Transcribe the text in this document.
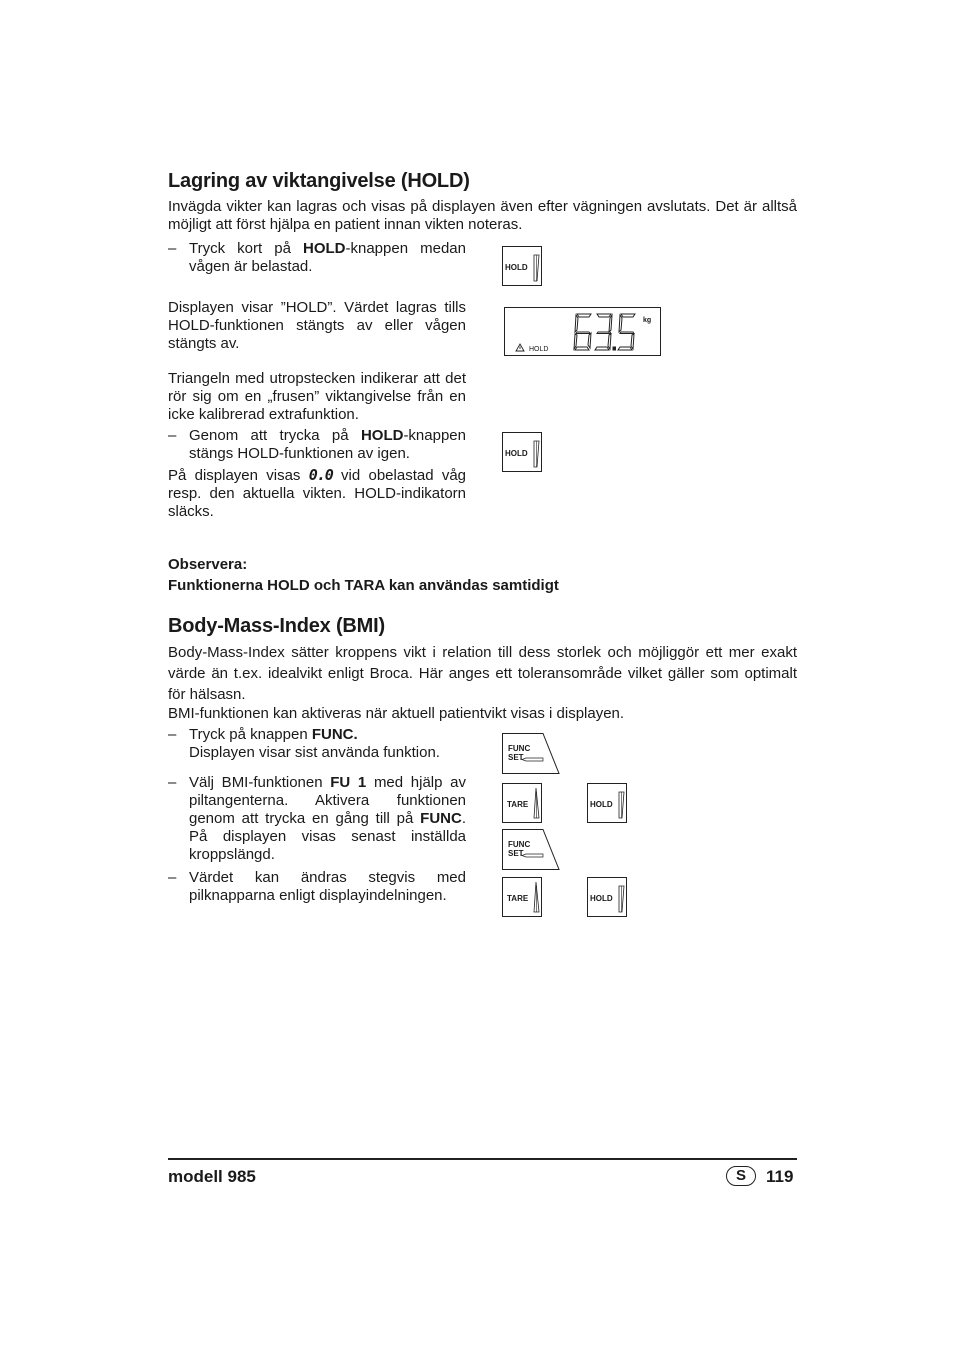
Lagring av viktangivelse (HOLD)
Invägda vikter kan lagras och visas på displayen även efter vägningen avslutats. Det är alltså möjligt att först hjälpa en patient innan vikten noteras.
– Tryck kort på HOLD-knappen medan vågen är belastad.
Displayen visar ”HOLD”. Värdet lagras tills HOLD-funktionen stängts av eller vågen stängts av.
Triangeln med utropstecken indikerar att det rör sig om en „frusen” viktangivelse från en icke kalibrerad extrafunktion.
– Genom att trycka på HOLD-knappen stängs HOLD-funktionen av igen.
På displayen visas 0.0 vid obelastad våg resp. den aktuella vikten. HOLD-indikatorn släcks.
HOLD
kg
HOLD
HOLD
Observera:
Funktionerna HOLD och TARA kan användas samtidigt
Body-Mass-Index (BMI)
Body-Mass-Index sätter kroppens vikt i relation till dess storlek och möjliggör ett mer exakt värde än t.ex. idealvikt enligt Broca. Här anges ett toleransområde vilket gäller som optimalt för hälsasn.
BMI-funktionen kan aktiveras när aktuell patientvikt visas i displayen.
– Tryck på knappen FUNC.
Displayen visar sist använda funktion.
– Välj BMI-funktionen FU 1 med hjälp av piltangenterna. Aktivera funktionen genom att trycka en gång till på FUNC. På displayen visas senast inställda kroppslängd.
– Värdet kan ändras stegvis med pilknapparna enligt displayindelningen.
FUNC
SET
TARE	HOLD
FUNC
SET
TARE	HOLD
modell 985	S	119
